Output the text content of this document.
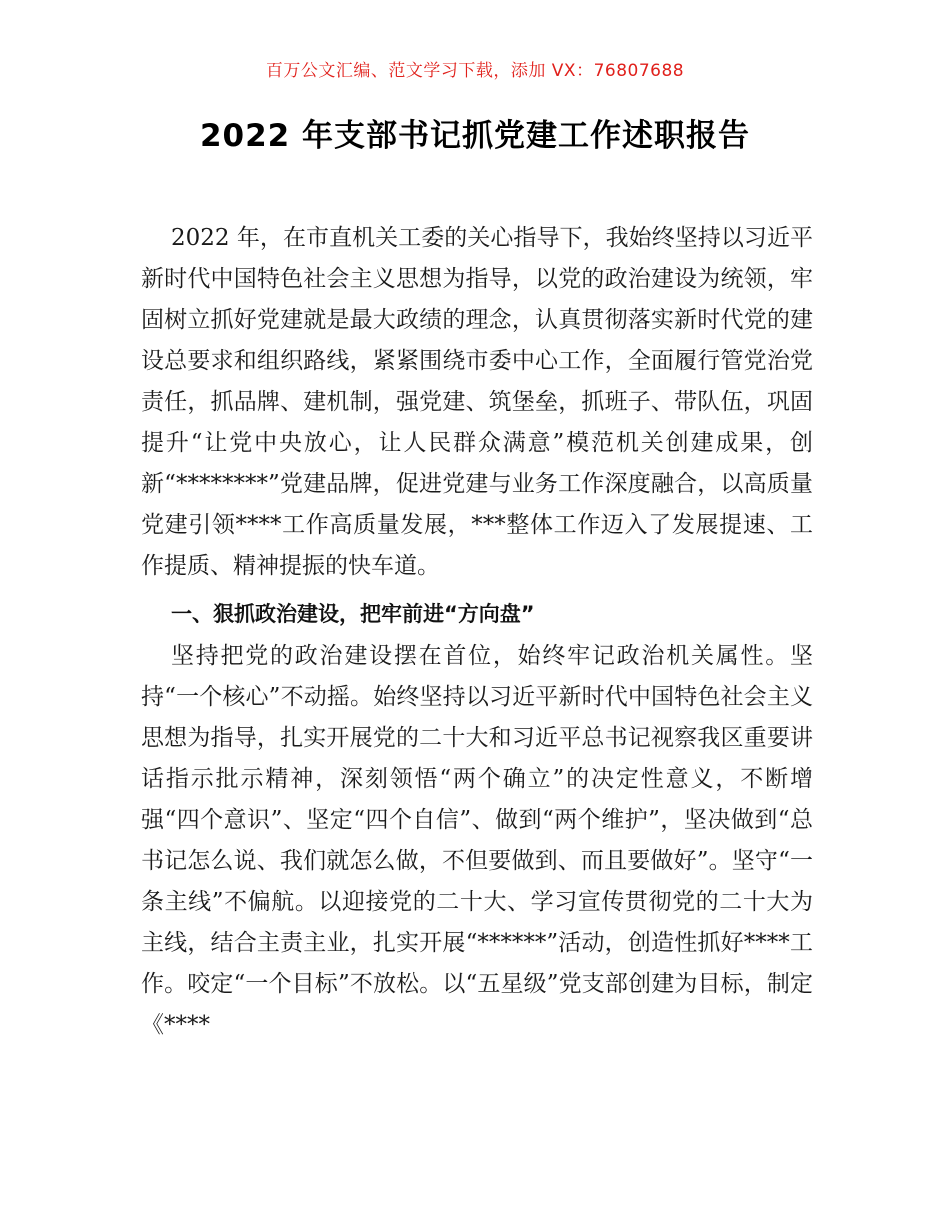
百万公文汇编、范文学习下载，添加 VX：76807688
2022 年支部书记抓党建工作述职报告

2022 年，在市直机关工委的关心指导下，我始终坚持以习近平新时代中国特色社会主义思想为指导，以党的政治建设为统领，牢固树立抓好党建就是最大政绩的理念，认真贯彻落实新时代党的建设总要求和组织路线，紧紧围绕市委中心工作，全面履行管党治党责任，抓品牌、建机制，强党建、筑堡垒，抓班子、带队伍，巩固提升“让党中央放心，让人民群众满意”模范机关创建成果，创新“********”党建品牌，促进党建与业务工作深度融合，以高质量党建引领****工作高质量发展，***整体工作迈入了发展提速、工作提质、精神提振的快车道。

一、狠抓政治建设，把牢前进“方向盘”

坚持把党的政治建设摆在首位，始终牢记政治机关属性。坚持“一个核心”不动摇。始终坚持以习近平新时代中国特色社会主义思想为指导，扎实开展党的二十大和习近平总书记视察我区重要讲话指示批示精神，深刻领悟“两个确立”的决定性意义，不断增强“四个意识”、坚定“四个自信”、做到“两个维护”，坚决做到“总书记怎么说、我们就怎么做，不但要做到、而且要做好”。坚守“一条主线”不偏航。以迎接党的二十大、学习宣传贯彻党的二十大为主线，结合主责主业，扎实开展“******”活动，创造性抓好****工作。咬定“一个目标”不放松。以“五星级”党支部创建为目标，制定《****
